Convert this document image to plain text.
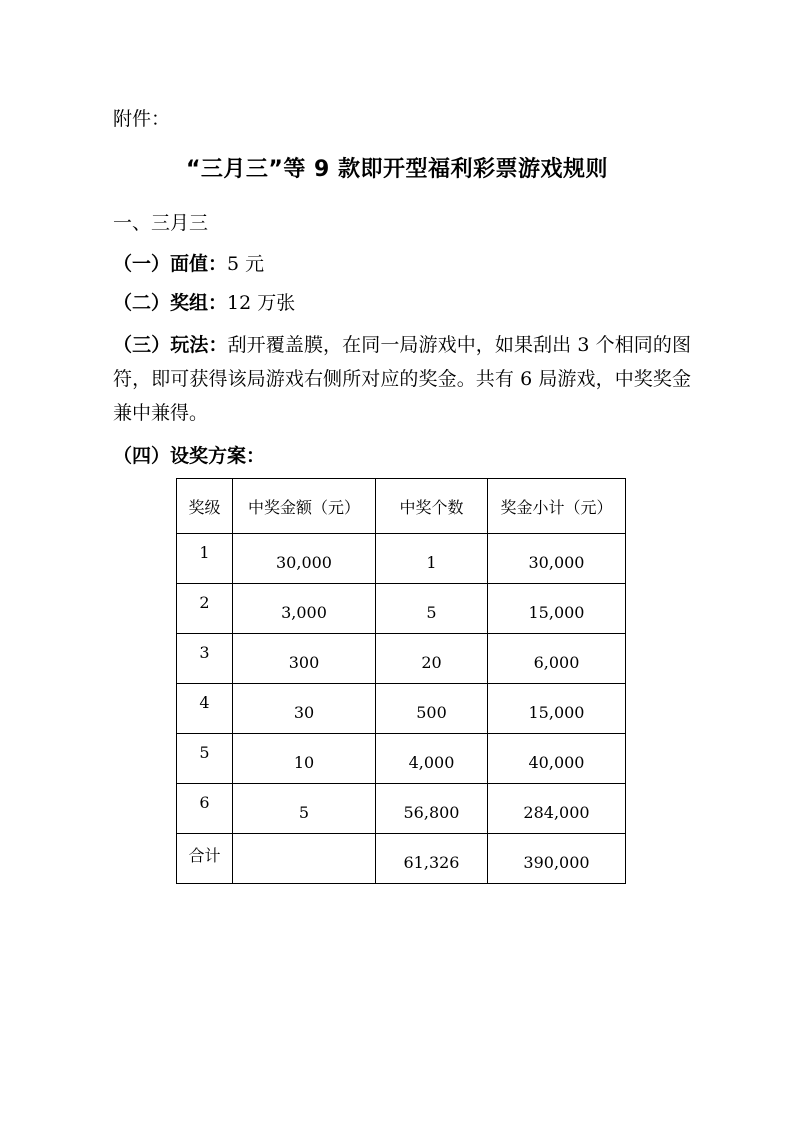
附件：
“三月三”等 9 款即开型福利彩票游戏规则
一、三月三
（一）面值：5 元
（二）奖组：12 万张
（三）玩法：刮开覆盖膜，在同一局游戏中，如果刮出 3 个相同的图符，即可获得该局游戏右侧所对应的奖金。共有 6 局游戏，中奖奖金兼中兼得。
（四）设奖方案：
奖级	中奖金额（元）	中奖个数	奖金小计（元）
1	30,000	1	30,000
2	3,000	5	15,000
3	300	20	6,000
4	30	500	15,000
5	10	4,000	40,000
6	5	56,800	284,000
合计		61,326	390,000
